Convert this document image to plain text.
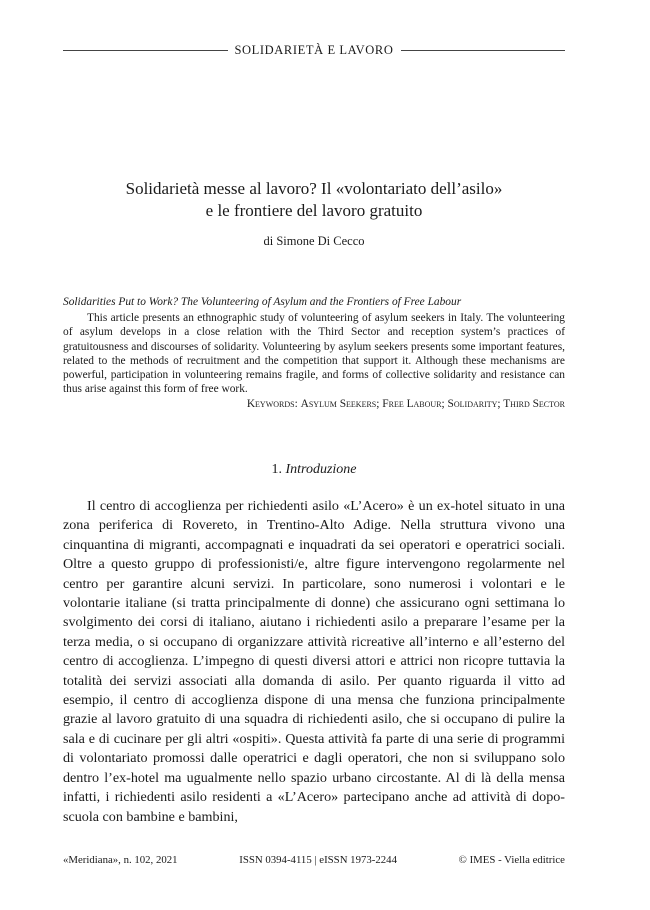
SOLIDARIETÀ E LAVORO
Solidarietà messe al lavoro? Il «volontariato dell’asilo»
e le frontiere del lavoro gratuito
di Simone Di Cecco
Solidarities Put to Work? The Volunteering of Asylum and the Frontiers of Free Labour

This article presents an ethnographic study of volunteering of asylum seekers in Italy. The volunteering of asylum develops in a close relation with the Third Sector and reception system’s practices of gratuitousness and discourses of solidarity. Volunteering by asylum seekers presents some important features, related to the methods of recruitment and the competition that support it. Although these mechanisms are powerful, participation in volunteering remains fragile, and forms of collective solidarity and resistance can thus arise against this form of free work.

Keywords: Asylum Seekers; Free Labour; Solidarity; Third Sector
1. Introduzione

Il centro di accoglienza per richiedenti asilo «L’Acero» è un ex-hotel situato in una zona periferica di Rovereto, in Trentino-Alto Adige. Nella struttura vivono una cinquantina di migranti, accompagnati e inquadrati da sei operatori e operatrici sociali. Oltre a questo gruppo di professionisti/e, altre figure intervengono regolarmente nel centro per garantire alcuni servizi. In particolare, sono numerosi i volontari e le volontarie italiane (si tratta principalmente di donne) che assicurano ogni settimana lo svolgimento dei corsi di italiano, aiutano i richiedenti asilo a preparare l’esame per la terza media, o si occupano di organizzare attività ricreative all’interno e all’esterno del centro di accoglienza. L’impegno di questi diversi attori e attrici non ricopre tuttavia la totalità dei servizi associati alla domanda di asilo. Per quanto riguarda il vitto ad esempio, il centro di accoglienza dispone di una mensa che funziona principalmente grazie al lavoro gratuito di una squadra di richiedenti asilo, che si occupano di pulire la sala e di cucinare per gli altri «ospiti». Questa attività fa parte di una serie di programmi di volontariato promossi dalle operatrici e dagli operatori, che non si sviluppano solo dentro l’ex-hotel ma ugualmente nello spazio urbano circostante. Al di là della mensa infatti, i richiedenti asilo residenti a «L’Acero» partecipano anche ad attività di dopo-scuola con bambine e bambini,

«Meridiana», n. 102, 2021	ISSN 0394-4115 | eISSN 1973-2244	© IMES - Viella editrice
